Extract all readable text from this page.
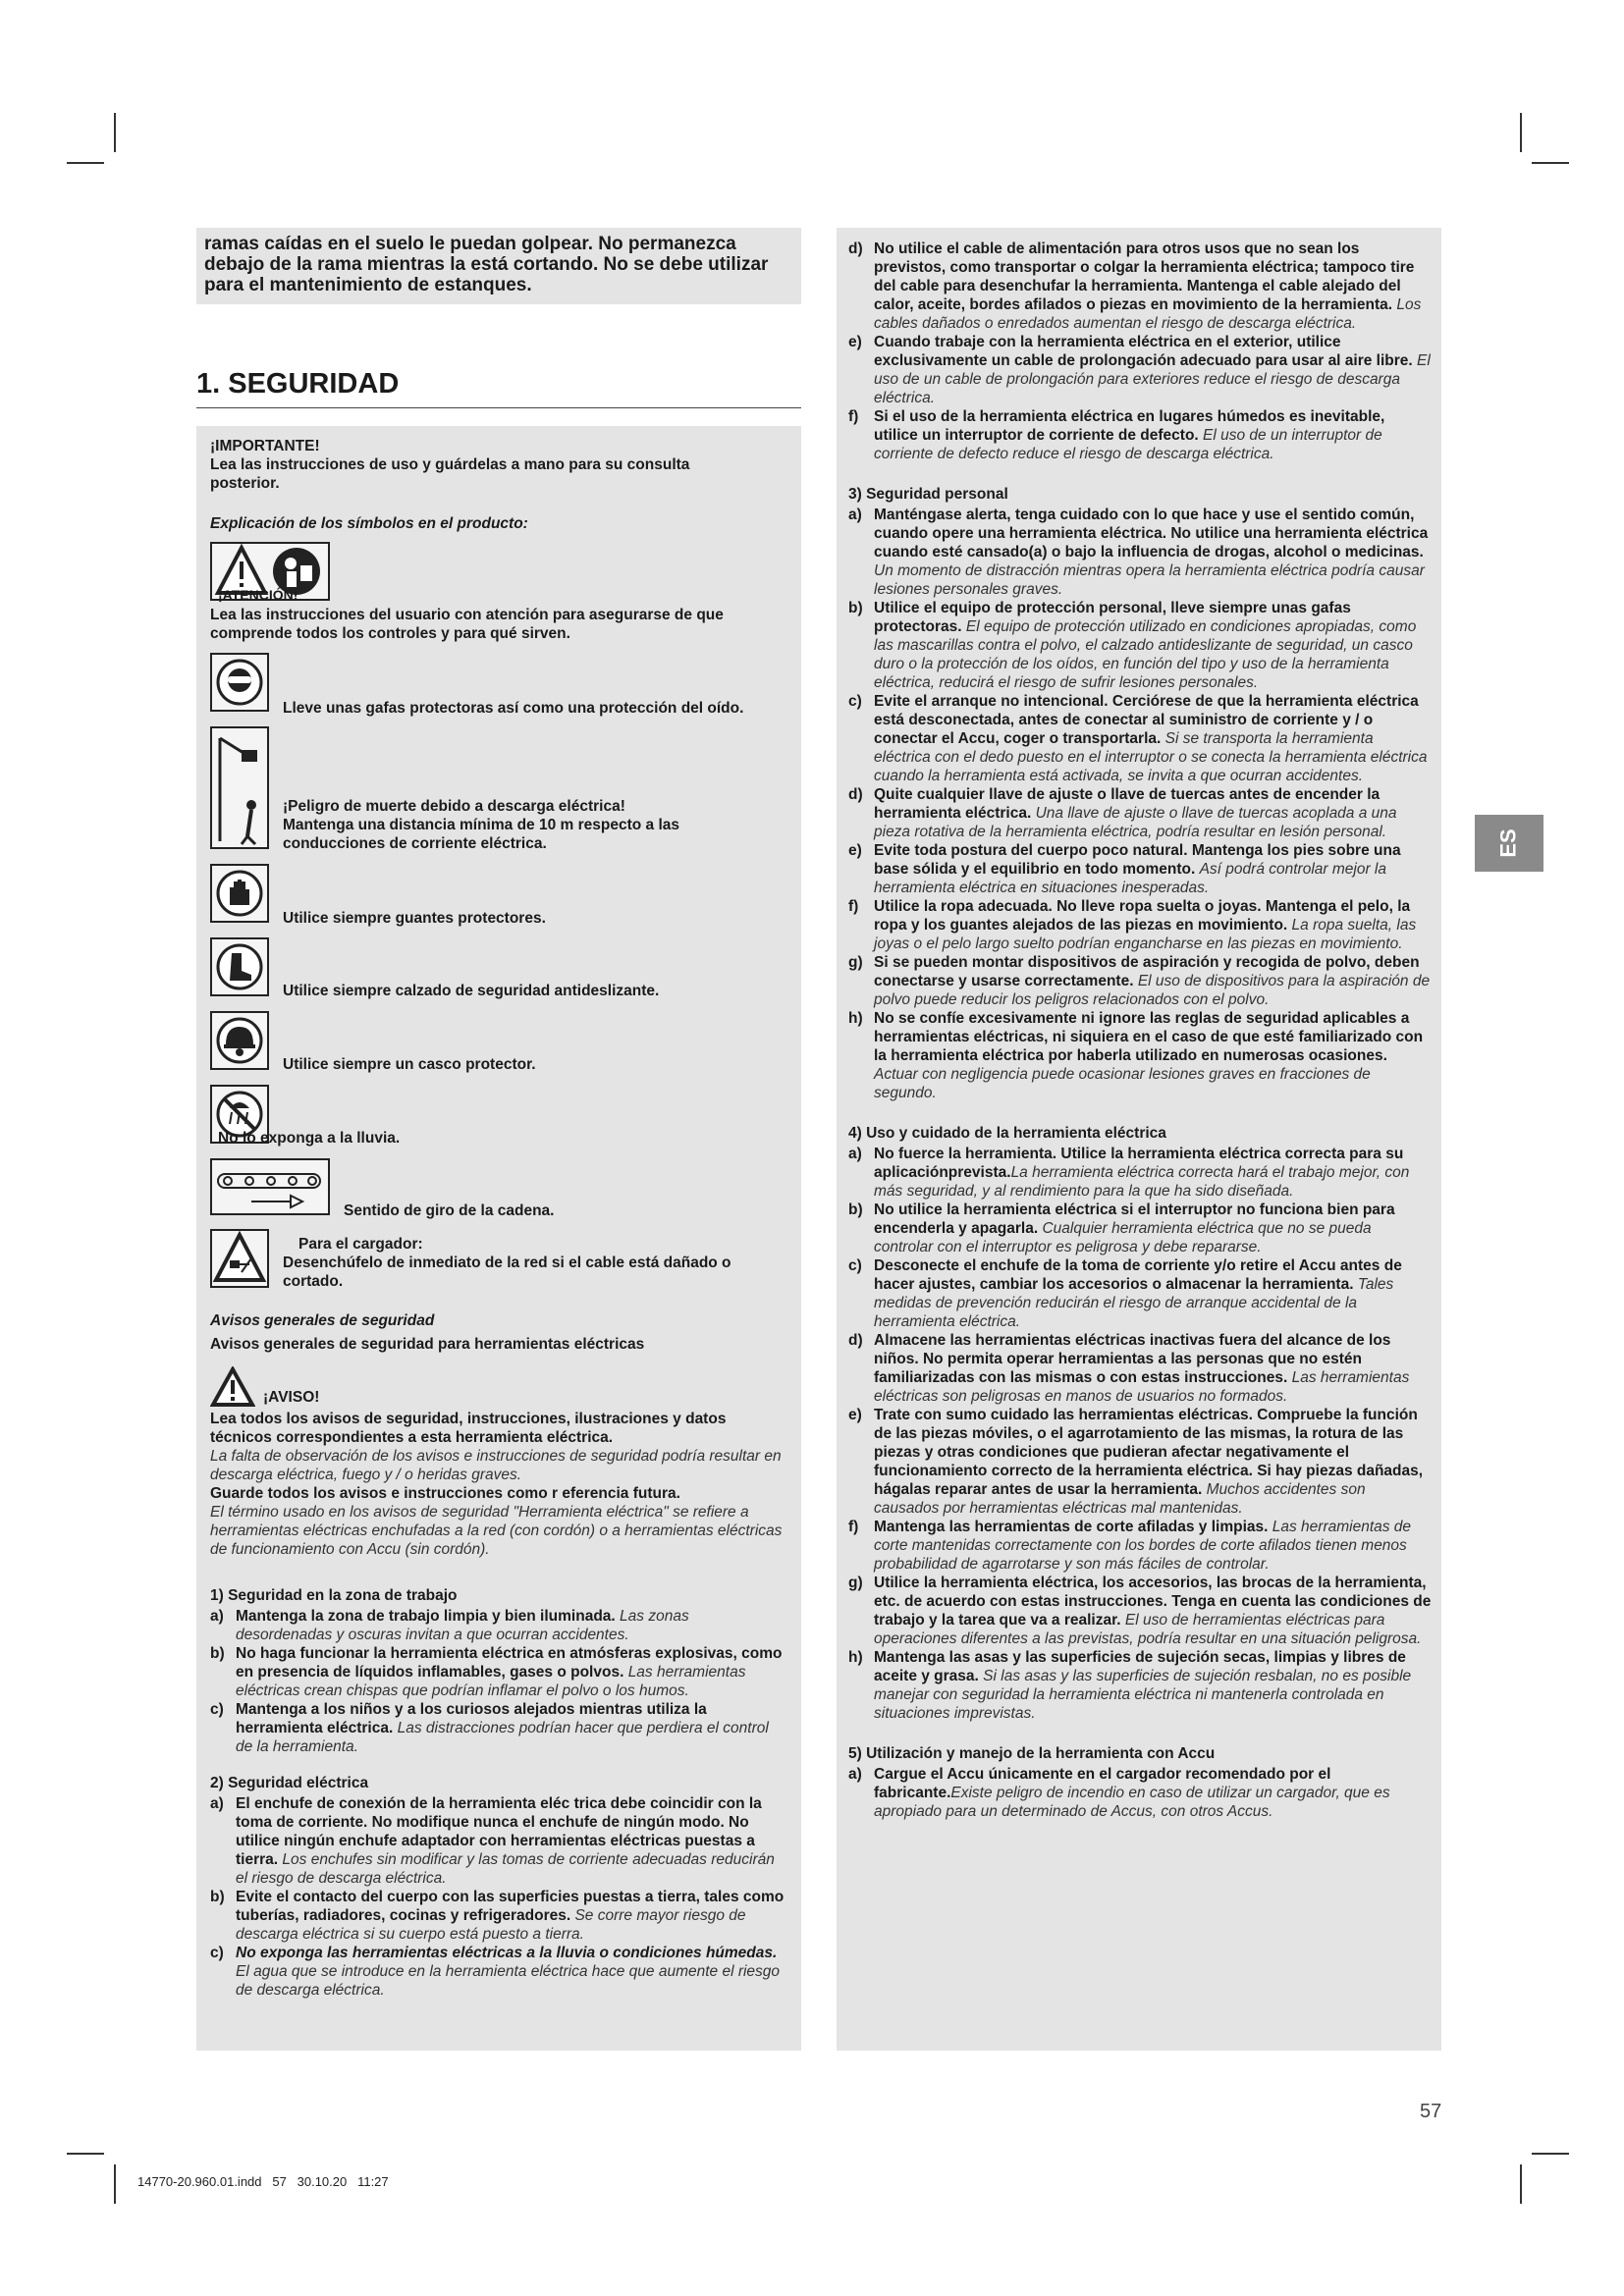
ramas caídas en el suelo le puedan golpear. No permanezca debajo de la rama mientras la está cortando. No se debe utilizar para el mantenimiento de estanques.
1. SEGURIDAD
¡IMPORTANTE!
Lea las instrucciones de uso y guárdelas a mano para su consulta posterior.
Explicación de los símbolos en el producto:
¡ATENCIÓN!
Lea las instrucciones del usuario con atención para asegurarse de que comprende todos los controles y para qué sirven.
Lleve unas gafas protectoras así como una protección del oído.
¡Peligro de muerte debido a descarga eléctrica!
Mantenga una distancia mínima de 10 m respecto a las conducciones de corriente eléctrica.
Utilice siempre guantes protectores.
Utilice siempre calzado de seguridad antideslizante.
Utilice siempre un casco protector.
No lo exponga a la lluvia.
Sentido de giro de la cadena.
Para el cargador:
Desenchúfelo de inmediato de la red si el cable está dañado o cortado.
Avisos generales de seguridad
Avisos generales de seguridad para herramientas eléctricas
¡AVISO!
Lea todos los avisos de seguridad, instrucciones, ilustraciones y datos técnicos correspondientes a esta herramienta eléctrica.
La falta de observación de los avisos e instrucciones de seguridad podría resultar en descarga eléctrica, fuego y / o heridas graves.
Guarde todos los avisos e instrucciones como r eferencia futura.
El término usado en los avisos de seguridad "Herramienta eléctrica" se refiere a herramientas eléctricas enchufadas a la red (con cordón) o a herramientas eléctricas de funcionamiento con Accu (sin cordón).
1) Seguridad en la zona de trabajo
a) Mantenga la zona de trabajo limpia y bien iluminada. Las zonas desordenadas y oscuras invitan a que ocurran accidentes.
b) No haga funcionar la herramienta eléctrica en atmósferas explosivas, como en presencia de líquidos inflamables, gases o polvos. Las herramientas eléctricas crean chispas que podrían inflamar el polvo o los humos.
c) Mantenga a los niños y a los curiosos alejados mientras utiliza la herramienta eléctrica. Las distracciones podrían hacer que perdiera el control de la herramienta.
2) Seguridad eléctrica
a) El enchufe de conexión de la herramienta eléc trica debe coincidir con la toma de corriente. No modifique nunca el enchufe de ningún modo. No utilice ningún enchufe adaptador con herramientas eléctricas puestas a tierra. Los enchufes sin modificar y las tomas de corriente adecuadas reducirán el riesgo de descarga eléctrica.
b) Evite el contacto del cuerpo con las superficies puestas a tierra, tales como tuberías, radiadores, cocinas y refrigeradores. Se corre mayor riesgo de descarga eléctrica si su cuerpo está puesto a tierra.
c) No exponga las herramientas eléctricas a la lluvia o condiciones húmedas. El agua que se introduce en la herramienta eléctrica hace que aumente el riesgo de descarga eléctrica.
d) No utilice el cable de alimentación para otros usos que no sean los previstos, como transportar o colgar la herramienta eléctrica; tampoco tire del cable para desenchufar la herramienta. Mantenga el cable alejado del calor, aceite, bordes afilados o piezas en movimiento de la herramienta. Los cables dañados o enredados aumentan el riesgo de descarga eléctrica.
e) Cuando trabaje con la herramienta eléctrica en el exterior, utilice exclusivamente un cable de prolongación adecuado para usar al aire libre. El uso de un cable de prolongación para exteriores reduce el riesgo de descarga eléctrica.
f)	Si el uso de la herramienta eléctrica en lugares húmedos es inevitable, utilice un interruptor de corriente de defecto. El uso de un interruptor de corriente de defecto reduce el riesgo de descarga eléctrica.
3) Seguridad personal
a) Manténgase alerta, tenga cuidado con lo que hace y use el sentido común, cuando opere una herramienta eléctrica. No utilice una herramienta eléctrica cuando esté cansado(a) o bajo la influencia de drogas, alcohol o medicinas. Un momento de distracción mientras opera la herramienta eléctrica podría causar lesiones personales graves.
b) Utilice el equipo de protección personal, lleve siempre unas gafas protectoras. El equipo de protección utilizado en condiciones apropiadas, como las mascarillas contra el polvo, el calzado antideslizante de seguridad, un casco duro o la protección de los oídos, en función del tipo y uso de la herramienta eléctrica, reducirá el riesgo de sufrir lesiones personales.
c) Evite el arranque no intencional. Cerciórese de que la herramienta eléctrica está desconectada, antes de conectar al suministro de corriente y / o conectar el Accu, coger o transportarla. Si se transporta la herramienta eléctrica con el dedo puesto en el interruptor o se conecta la herramienta eléctrica cuando la herramienta está activada, se invita a que ocurran accidentes.
d) Quite cualquier llave de ajuste o llave de tuercas antes de encender la herramienta eléctrica. Una llave de ajuste o llave de tuercas acoplada a una pieza rotativa de la herramienta eléctrica, podría resultar en lesión personal.
e) Evite toda postura del cuerpo poco natural. Mantenga los pies sobre una base sólida y el equilibrio en todo momento. Así podrá controlar mejor la herramienta eléctrica en situaciones inesperadas.
f)	Utilice la ropa adecuada. No lleve ropa suelta o joyas. Mantenga el pelo, la ropa y los guantes alejados de las piezas en movimiento. La ropa suelta, las joyas o el pelo largo suelto podrían engancharse en las piezas en movimiento.
g) Si se pueden montar dispositivos de aspiración y recogida de polvo, deben conectarse y usarse correctamente. El uso de dispositivos para la aspiración de polvo puede reducir los peligros relacionados con el polvo.
h) No se confíe excesivamente ni ignore las reglas de seguridad aplicables a herramientas eléctricas, ni siquiera en el caso de que esté familiarizado con la herramienta eléctrica por haberla utilizado en numerosas ocasiones. Actuar con negligencia puede ocasionar lesiones graves en fracciones de segundo.
4) Uso y cuidado de la herramienta eléctrica
a) No fuerce la herramienta. Utilice la herramienta eléctrica correcta para su aplicaciónprevista.La herramienta eléctrica correcta hará el trabajo mejor, con más seguridad, y al rendimiento para la que ha sido diseñada.
b) No utilice la herramienta eléctrica si el interruptor no funciona bien para encenderla y apagarla. Cualquier herramienta eléctrica que no se pueda controlar con el interruptor es peligrosa y debe repararse.
c) Desconecte el enchufe de la toma de corriente y/o retire el Accu antes de hacer ajustes, cambiar los accesorios o almacenar la herramienta. Tales medidas de prevención reducirán el riesgo de arranque accidental de la herramienta eléctrica.
d) Almacene las herramientas eléctricas inactivas fuera del alcance de los niños. No permita operar herramientas a las personas que no estén familiarizadas con las mismas o con estas instrucciones. Las herramientas eléctricas son peligrosas en manos de usuarios no formados.
e) Trate con sumo cuidado las herramientas eléctricas. Compruebe la función de las piezas móviles, o el agarrotamiento de las mismas, la rotura de las piezas y otras condiciones que pudieran afectar negativamente el funcionamiento correcto de la herramienta eléctrica. Si hay piezas dañadas, hágalas reparar antes de usar la herramienta. Muchos accidentes son causados por herramientas eléctricas mal mantenidas.
f)	Mantenga las herramientas de corte afiladas y limpias. Las herramientas de corte mantenidas correctamente con los bordes de corte afilados tienen menos probabilidad de agarrotarse y son más fáciles de controlar.
g) Utilice la herramienta eléctrica, los accesorios, las brocas de la herramienta, etc. de acuerdo con estas instrucciones. Tenga en cuenta las condiciones de trabajo y la tarea que va a realizar. El uso de herramientas eléctricas para operaciones diferentes a las previstas, podría resultar en una situación peligrosa.
h) Mantenga las asas y las superficies de sujeción secas, limpias y libres de aceite y grasa. Si las asas y las superficies de sujeción resbalan, no es posible manejar con seguridad la herramienta eléctrica ni mantenerla controlada en situaciones imprevistas.
5) Utilización y manejo de la herramienta con Accu
a) Cargue el Accu únicamente en el cargador recomendado por el fabricante.Existe peligro de incendio en caso de utilizar un cargador, que es apropiado para un determinado de Accus, con otros Accus.
ES
57
14770-20.960.01.indd   57   30.10.20   11:27
